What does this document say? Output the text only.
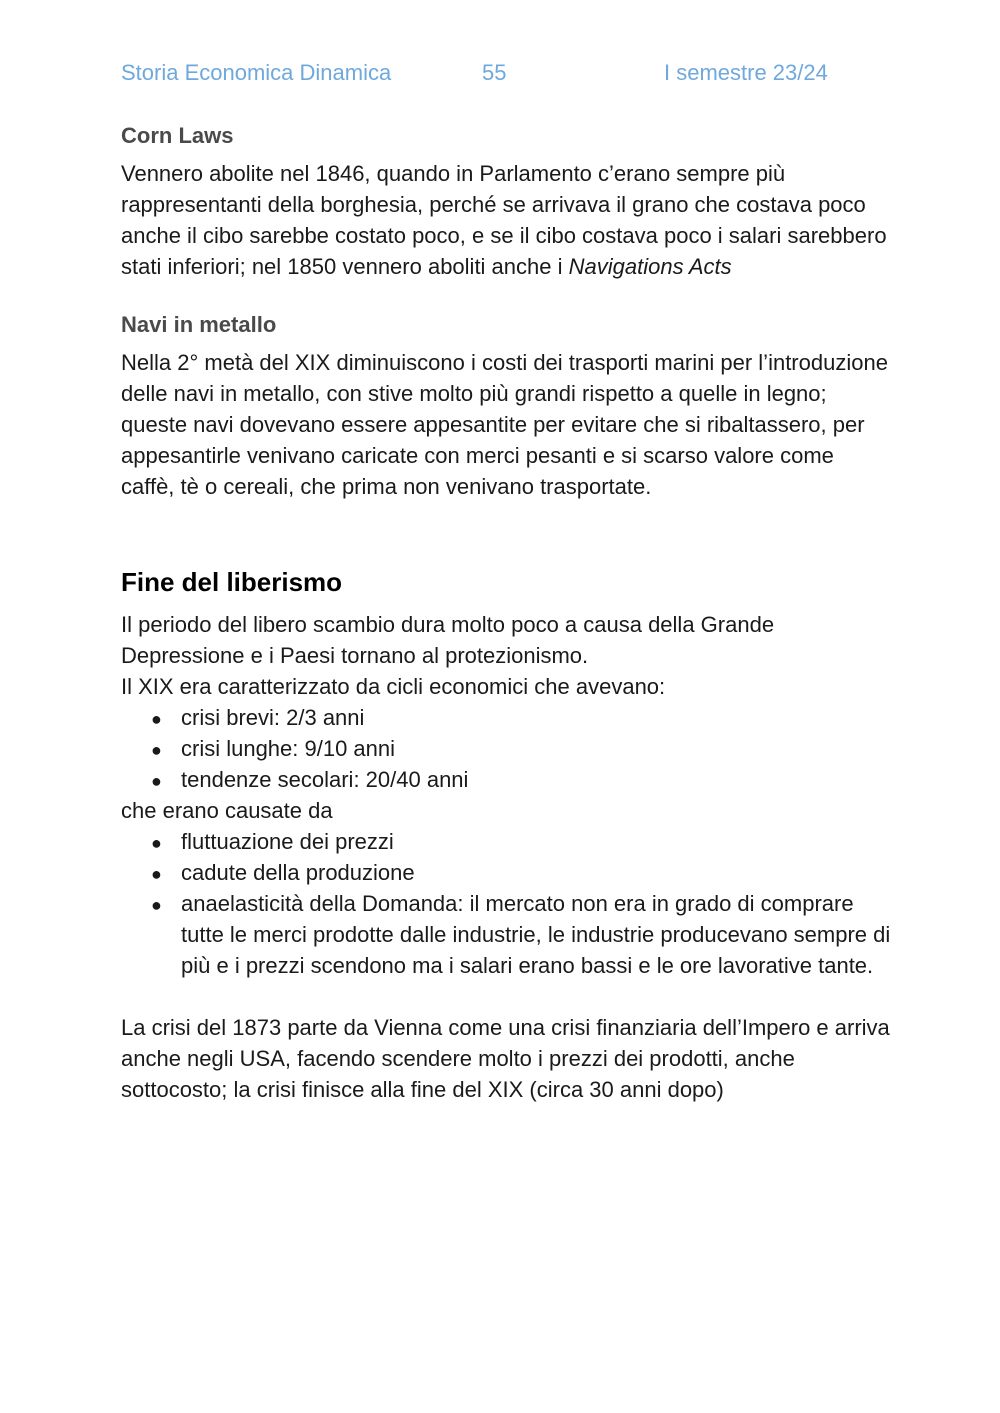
Storia Economica Dinamica	55	I semestre 23/24
Corn Laws

Vennero abolite nel 1846, quando in Parlamento c’erano sempre più rappresentanti della borghesia, perché se arrivava il grano che costava poco anche il cibo sarebbe costato poco, e se il cibo costava poco i salari sarebbero stati inferiori; nel 1850 vennero aboliti anche i Navigations Acts

Navi in metallo

Nella 2° metà del XIX diminuiscono i costi dei trasporti marini per l’introduzione delle navi in metallo, con stive molto più grandi rispetto a quelle in legno; queste navi dovevano essere appesantite per evitare che si ribaltassero, per appesantirle venivano caricate con merci pesanti e si scarso valore come caffè, tè o cereali, che prima non venivano trasportate.

Fine del liberismo

Il periodo del libero scambio dura molto poco a causa della Grande Depressione e i Paesi tornano al protezionismo.

Il XIX era caratterizzato da cicli economici che avevano:

●
crisi brevi: 2/3 anni
●
crisi lunghe: 9/10 anni
●
tendenze secolari: 20/40 anni

che erano causate da

●
fluttuazione dei prezzi
●
cadute della produzione
●
anaelasticità della Domanda: il mercato non era in grado di comprare tutte le merci prodotte dalle industrie, le industrie producevano sempre di più e i prezzi scendono ma i salari erano bassi e le ore lavorative tante.

La crisi del 1873 parte da Vienna come una crisi finanziaria dell’Impero e arriva anche negli USA, facendo scendere molto i prezzi dei prodotti, anche sottocosto; la crisi finisce alla fine del XIX (circa 30 anni dopo)
